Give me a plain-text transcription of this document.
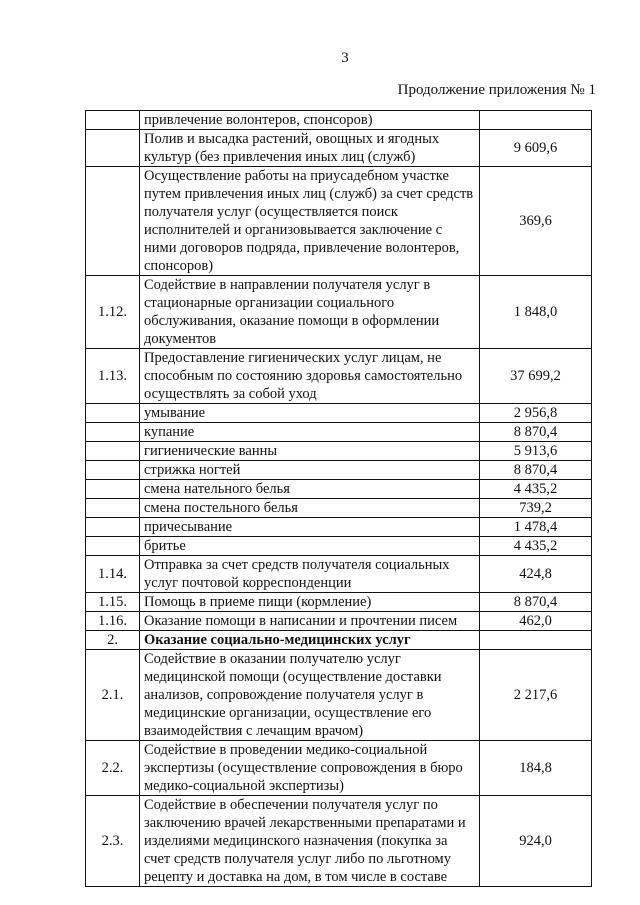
3
Продолжение приложения № 1
	привлечение волонтеров, спонсоров)	
	Полив и высадка растений, овощных и ягодных культур (без привлечения иных лиц (служб)	9 609,6
	Осуществление работы на приусадебном участке путем привлечения иных лиц (служб) за счет средств получателя услуг (осуществляется поиск исполнителей и организовывается заключение с ними договоров подряда, привлечение волонтеров, спонсоров)	369,6
1.12.	Содействие в направлении получателя услуг в стационарные организации социального обслуживания, оказание помощи в оформлении документов	1 848,0
1.13.	Предоставление гигиенических услуг лицам, не способным по состоянию здоровья самостоятельно осуществлять за собой уход	37 699,2
	умывание	2 956,8
	купание	8 870,4
	гигиенические ванны	5 913,6
	стрижка ногтей	8 870,4
	смена нательного белья	4 435,2
	смена постельного белья	739,2
	причесывание	1 478,4
	бритье	4 435,2
1.14.	Отправка за счет средств получателя социальных услуг почтовой корреспонденции	424,8
1.15.	Помощь в приеме пищи (кормление)	8 870,4
1.16.	Оказание помощи в написании и прочтении писем	462,0
2.	Оказание социально-медицинских услуг	
2.1.	Содействие в оказании получателю услуг медицинской помощи (осуществление доставки анализов, сопровождение получателя услуг в медицинские организации, осуществление его взаимодействия с лечащим врачом)	2 217,6
2.2.	Содействие в проведении медико-социальной экспертизы (осуществление сопровождения в бюро медико-социальной экспертизы)	184,8
2.3.	Содействие в обеспечении получателя услуг по заключению врачей лекарственными препаратами и изделиями медицинского назначения (покупка за счет средств получателя услуг либо по льготному рецепту и доставка на дом, в том числе в составе	924,0
